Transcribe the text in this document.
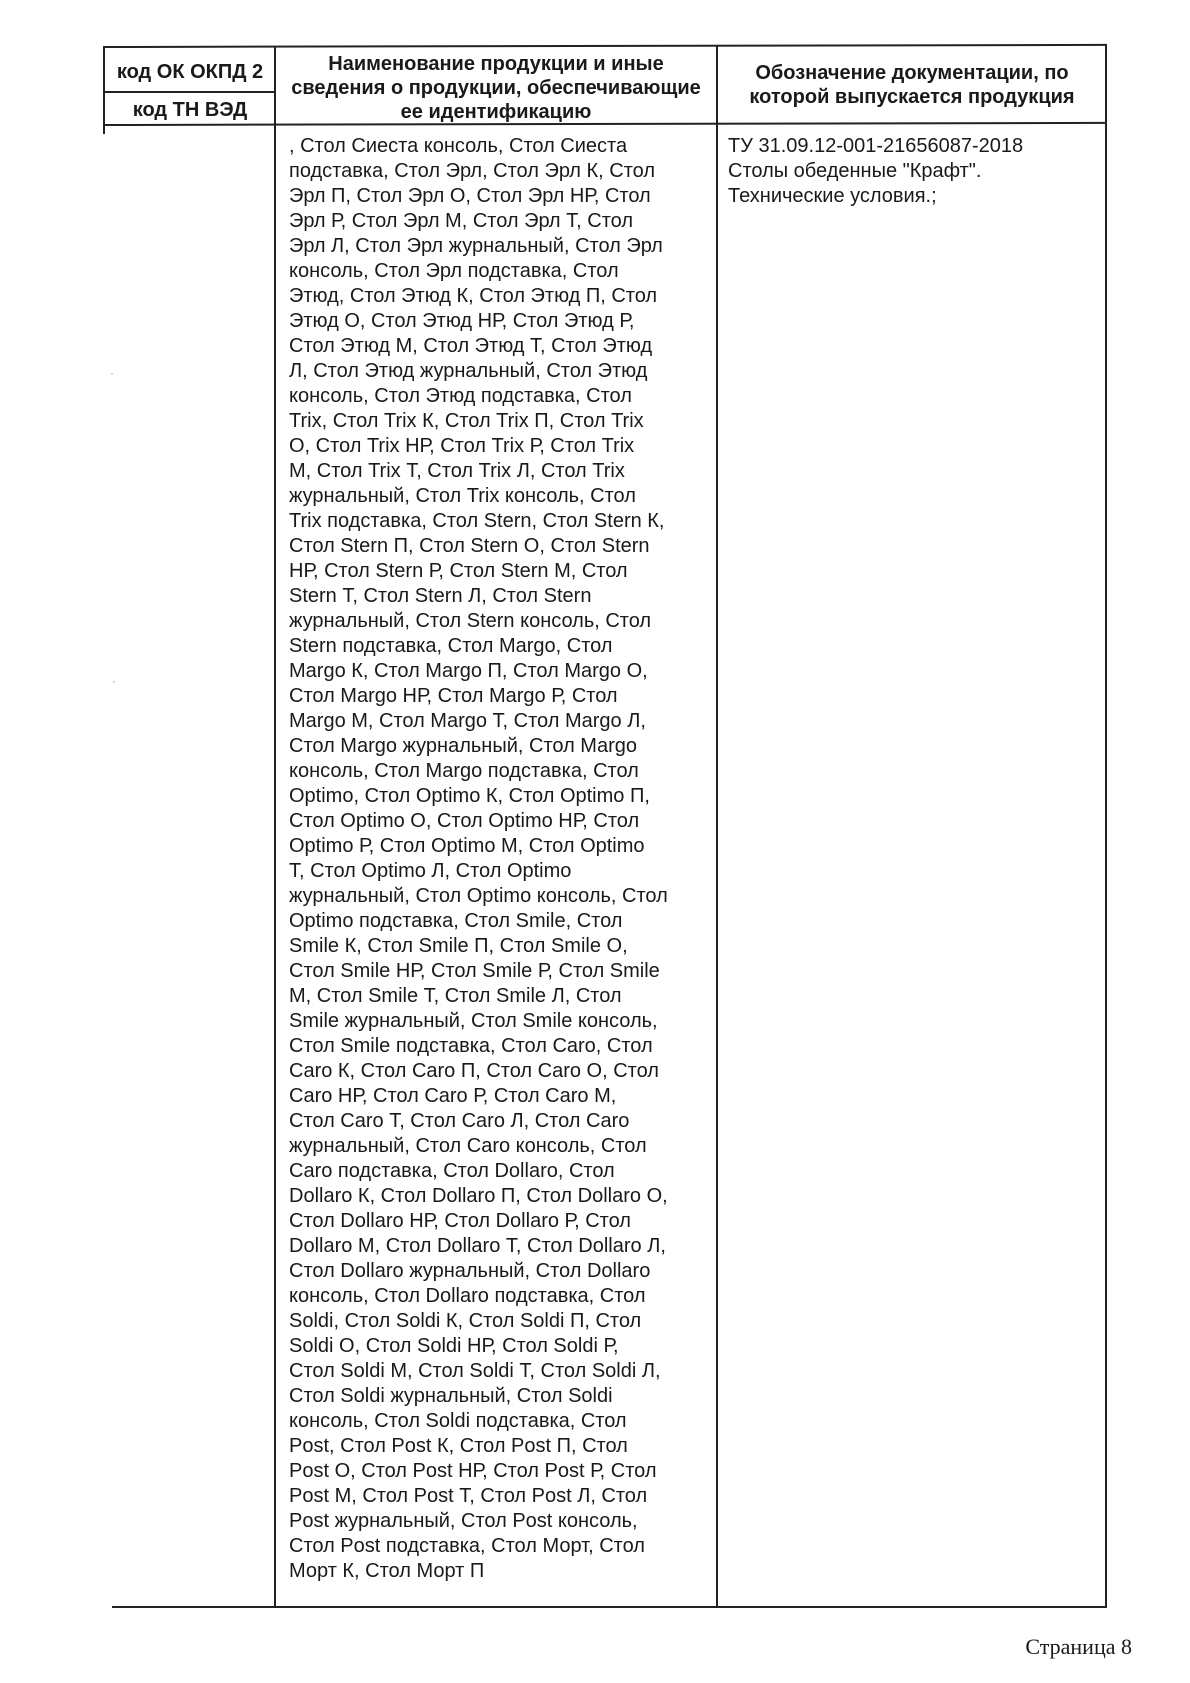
код ОК ОКПД 2
код ТН ВЭД
Наименование продукции и иные сведения о продукции, обеспечивающие ее идентификацию
Обозначение документации, по которой выпускается продукция
, Стол Сиеста консоль, Стол Сиеста
подставка, Стол Эрл, Стол Эрл К, Стол
Эрл П, Стол Эрл О, Стол Эрл НР, Стол
Эрл Р, Стол Эрл М, Стол Эрл Т, Стол
Эрл Л, Стол Эрл журнальный, Стол Эрл
консоль, Стол Эрл подставка, Стол
Этюд, Стол Этюд К, Стол Этюд П, Стол
Этюд О, Стол Этюд НР, Стол Этюд Р,
Стол Этюд М, Стол Этюд Т, Стол Этюд
Л, Стол Этюд журнальный, Стол Этюд
консоль, Стол Этюд подставка, Стол
Trix, Стол Trix К, Стол Trix П, Стол Trix
О, Стол Trix НР, Стол Trix Р, Стол Trix
М, Стол Trix Т, Стол Trix Л, Стол Trix
журнальный, Стол Trix консоль, Стол
Trix подставка, Стол Stern, Стол Stern К,
Стол Stern П, Стол Stern О, Стол Stern
НР, Стол Stern Р, Стол Stern М, Стол
Stern Т, Стол Stern Л, Стол Stern
журнальный, Стол Stern консоль, Стол
Stern подставка, Стол Margo, Стол
Margo К, Стол Margo П, Стол Margo О,
Стол Margo НР, Стол Margo Р, Стол
Margo М, Стол Margo Т, Стол Margo Л,
Стол Margo журнальный, Стол Margo
консоль, Стол Margo подставка, Стол
Optimo, Стол Optimo К, Стол Optimo П,
Стол Optimo О, Стол Optimo НР, Стол
Optimo Р, Стол Optimo М, Стол Optimo
Т, Стол Optimo Л, Стол Optimo
журнальный, Стол Optimo консоль, Стол
Optimo подставка, Стол Smile, Стол
Smile К, Стол Smile П, Стол Smile О,
Стол Smile НР, Стол Smile Р, Стол Smile
М, Стол Smile Т, Стол Smile Л, Стол
Smile журнальный, Стол Smile консоль,
Стол Smile подставка, Стол Caro, Стол
Caro К, Стол Caro П, Стол Caro О, Стол
Caro НР, Стол Caro Р, Стол Caro М,
Стол Caro Т, Стол Caro Л, Стол Caro
журнальный, Стол Caro консоль, Стол
Caro подставка, Стол Dollaro, Стол
Dollaro К, Стол Dollaro П, Стол Dollaro О,
Стол Dollaro НР, Стол Dollaro Р, Стол
Dollaro М, Стол Dollaro Т, Стол Dollaro Л,
Стол Dollaro журнальный, Стол Dollaro
консоль, Стол Dollaro подставка, Стол
Soldi, Стол Soldi К, Стол Soldi П, Стол
Soldi О, Стол Soldi НР, Стол Soldi Р,
Стол Soldi М, Стол Soldi Т, Стол Soldi Л,
Стол Soldi журнальный, Стол Soldi
консоль, Стол Soldi подставка, Стол
Post, Стол Post К, Стол Post П, Стол
Post О, Стол Post НР, Стол Post Р, Стол
Post М, Стол Post Т, Стол Post Л, Стол
Post журнальный, Стол Post консоль,
Стол Post подставка, Стол Морт, Стол
Морт К, Стол Морт П
ТУ 31.09.12-001-21656087-2018
Столы обеденные "Крафт".
Технические условия.;
·
·
Страница 8
